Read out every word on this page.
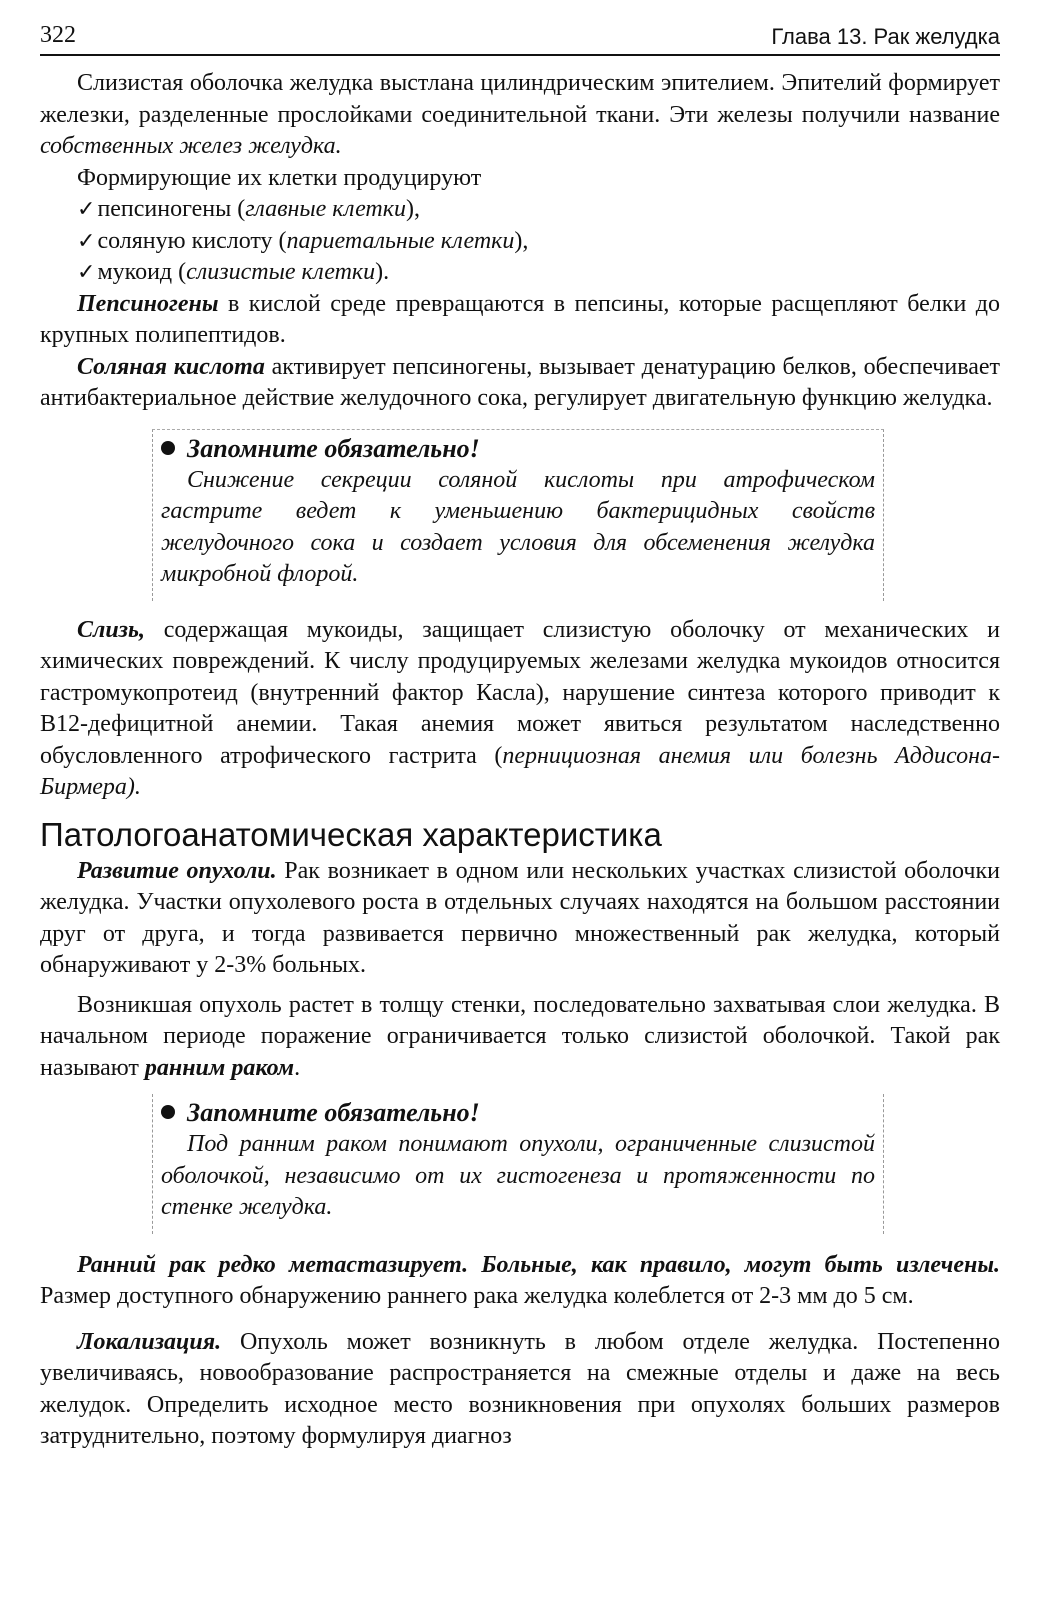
322	Глава 13. Рак желудка

Слизистая оболочка желудка выстлана цилиндрическим эпителием. Эпителий формирует железки, разделенные прослойками соединительной ткани. Эти железы получили название собственных желез желудка.

Формирующие их клетки продуцируют

✓пепсиногены (главные клетки),
✓соляную кислоту (париетальные клетки),
✓мукоид (слизистые клетки).

Пепсиногены в кислой среде превращаются в пепсины, которые расщепляют белки до крупных полипептидов.

Соляная кислота активирует пепсиногены, вызывает денатурацию белков, обеспечивает антибактериальное действие желудочного сока, регулирует двигательную функцию желудка.

Запомните обязательно!
Снижение секреции соляной кислоты при атрофическом гастрите ведет к уменьшению бактерицидных свойств желудочного сока и создает условия для обсеменения желудка микробной флорой.

Слизь, содержащая мукоиды, защищает слизистую оболочку от механических и химических повреждений. К числу продуцируемых железами желудка мукоидов относится гастромукопротеид (внутренний фактор Касла), нарушение синтеза которого приводит к В12-дефицитной анемии. Такая анемия может явиться результатом наследственно обусловленного атрофического гастрита (пернициозная анемия или болезнь Аддисона-Бирмера).

Патологоанатомическая характеристика

Развитие опухоли. Рак возникает в одном или нескольких участках слизистой оболочки желудка. Участки опухолевого роста в отдельных случаях находятся на большом расстоянии друг от друга, и тогда развивается первично множественный рак желудка, который обнаруживают у 2-3% больных.

Возникшая опухоль растет в толщу стенки, последовательно захватывая слои желудка. В начальном периоде поражение ограничивается только слизистой оболочкой. Такой рак называют ранним раком.

Запомните обязательно!
Под ранним раком понимают опухоли, ограниченные слизистой оболочкой, независимо от их гистогенеза и протяженности по стенке желудка.

Ранний рак редко метастазирует. Больные, как правило, могут быть излечены. Размер доступного обнаружению раннего рака желудка колеблется от 2-3 мм до 5 см.

Локализация. Опухоль может возникнуть в любом отделе желудка. Постепенно увеличиваясь, новообразование распространяется на смежные отделы и даже на весь желудок. Определить исходное место возникновения при опухолях больших размеров затруднительно, поэтому формулируя диагноз
